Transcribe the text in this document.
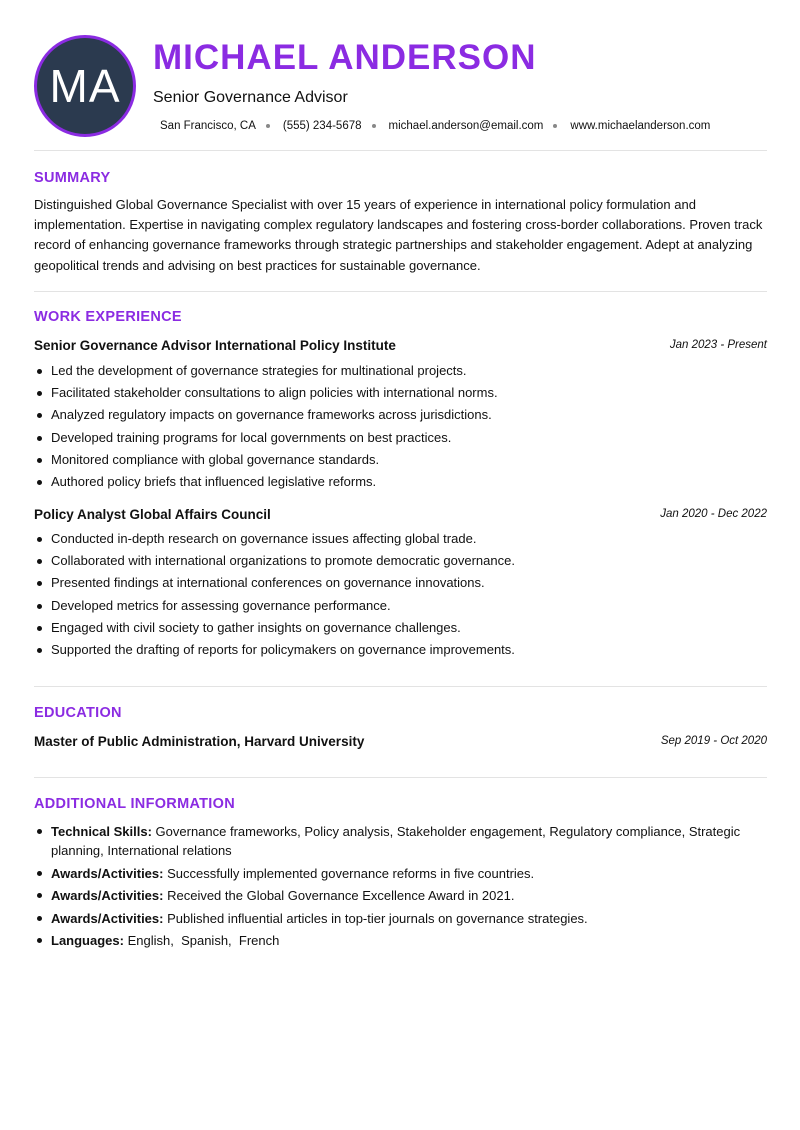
MA
MICHAEL ANDERSON
Senior Governance Advisor
San Francisco, CA (555) 234-5678 michael.anderson@email.com www.michaelanderson.com
SUMMARY
Distinguished Global Governance Specialist with over 15 years of experience in international policy formulation and implementation. Expertise in navigating complex regulatory landscapes and fostering cross-border collaborations. Proven track record of enhancing governance frameworks through strategic partnerships and stakeholder engagement. Adept at analyzing geopolitical trends and advising on best practices for sustainable governance.
WORK EXPERIENCE
Senior Governance Advisor International Policy Institute	Jan 2023 - Present
Led the development of governance strategies for multinational projects.
Facilitated stakeholder consultations to align policies with international norms.
Analyzed regulatory impacts on governance frameworks across jurisdictions.
Developed training programs for local governments on best practices.
Monitored compliance with global governance standards.
Authored policy briefs that influenced legislative reforms.
Policy Analyst Global Affairs Council	Jan 2020 - Dec 2022
Conducted in-depth research on governance issues affecting global trade.
Collaborated with international organizations to promote democratic governance.
Presented findings at international conferences on governance innovations.
Developed metrics for assessing governance performance.
Engaged with civil society to gather insights on governance challenges.
Supported the drafting of reports for policymakers on governance improvements.
EDUCATION
Master of Public Administration, Harvard University	Sep 2019 - Oct 2020
ADDITIONAL INFORMATION
Technical Skills: Governance frameworks, Policy analysis, Stakeholder engagement, Regulatory compliance, Strategic planning, International relations
Awards/Activities: Successfully implemented governance reforms in five countries.
Awards/Activities: Received the Global Governance Excellence Award in 2021.
Awards/Activities: Published influential articles in top-tier journals on governance strategies.
Languages: English,  Spanish,  French
